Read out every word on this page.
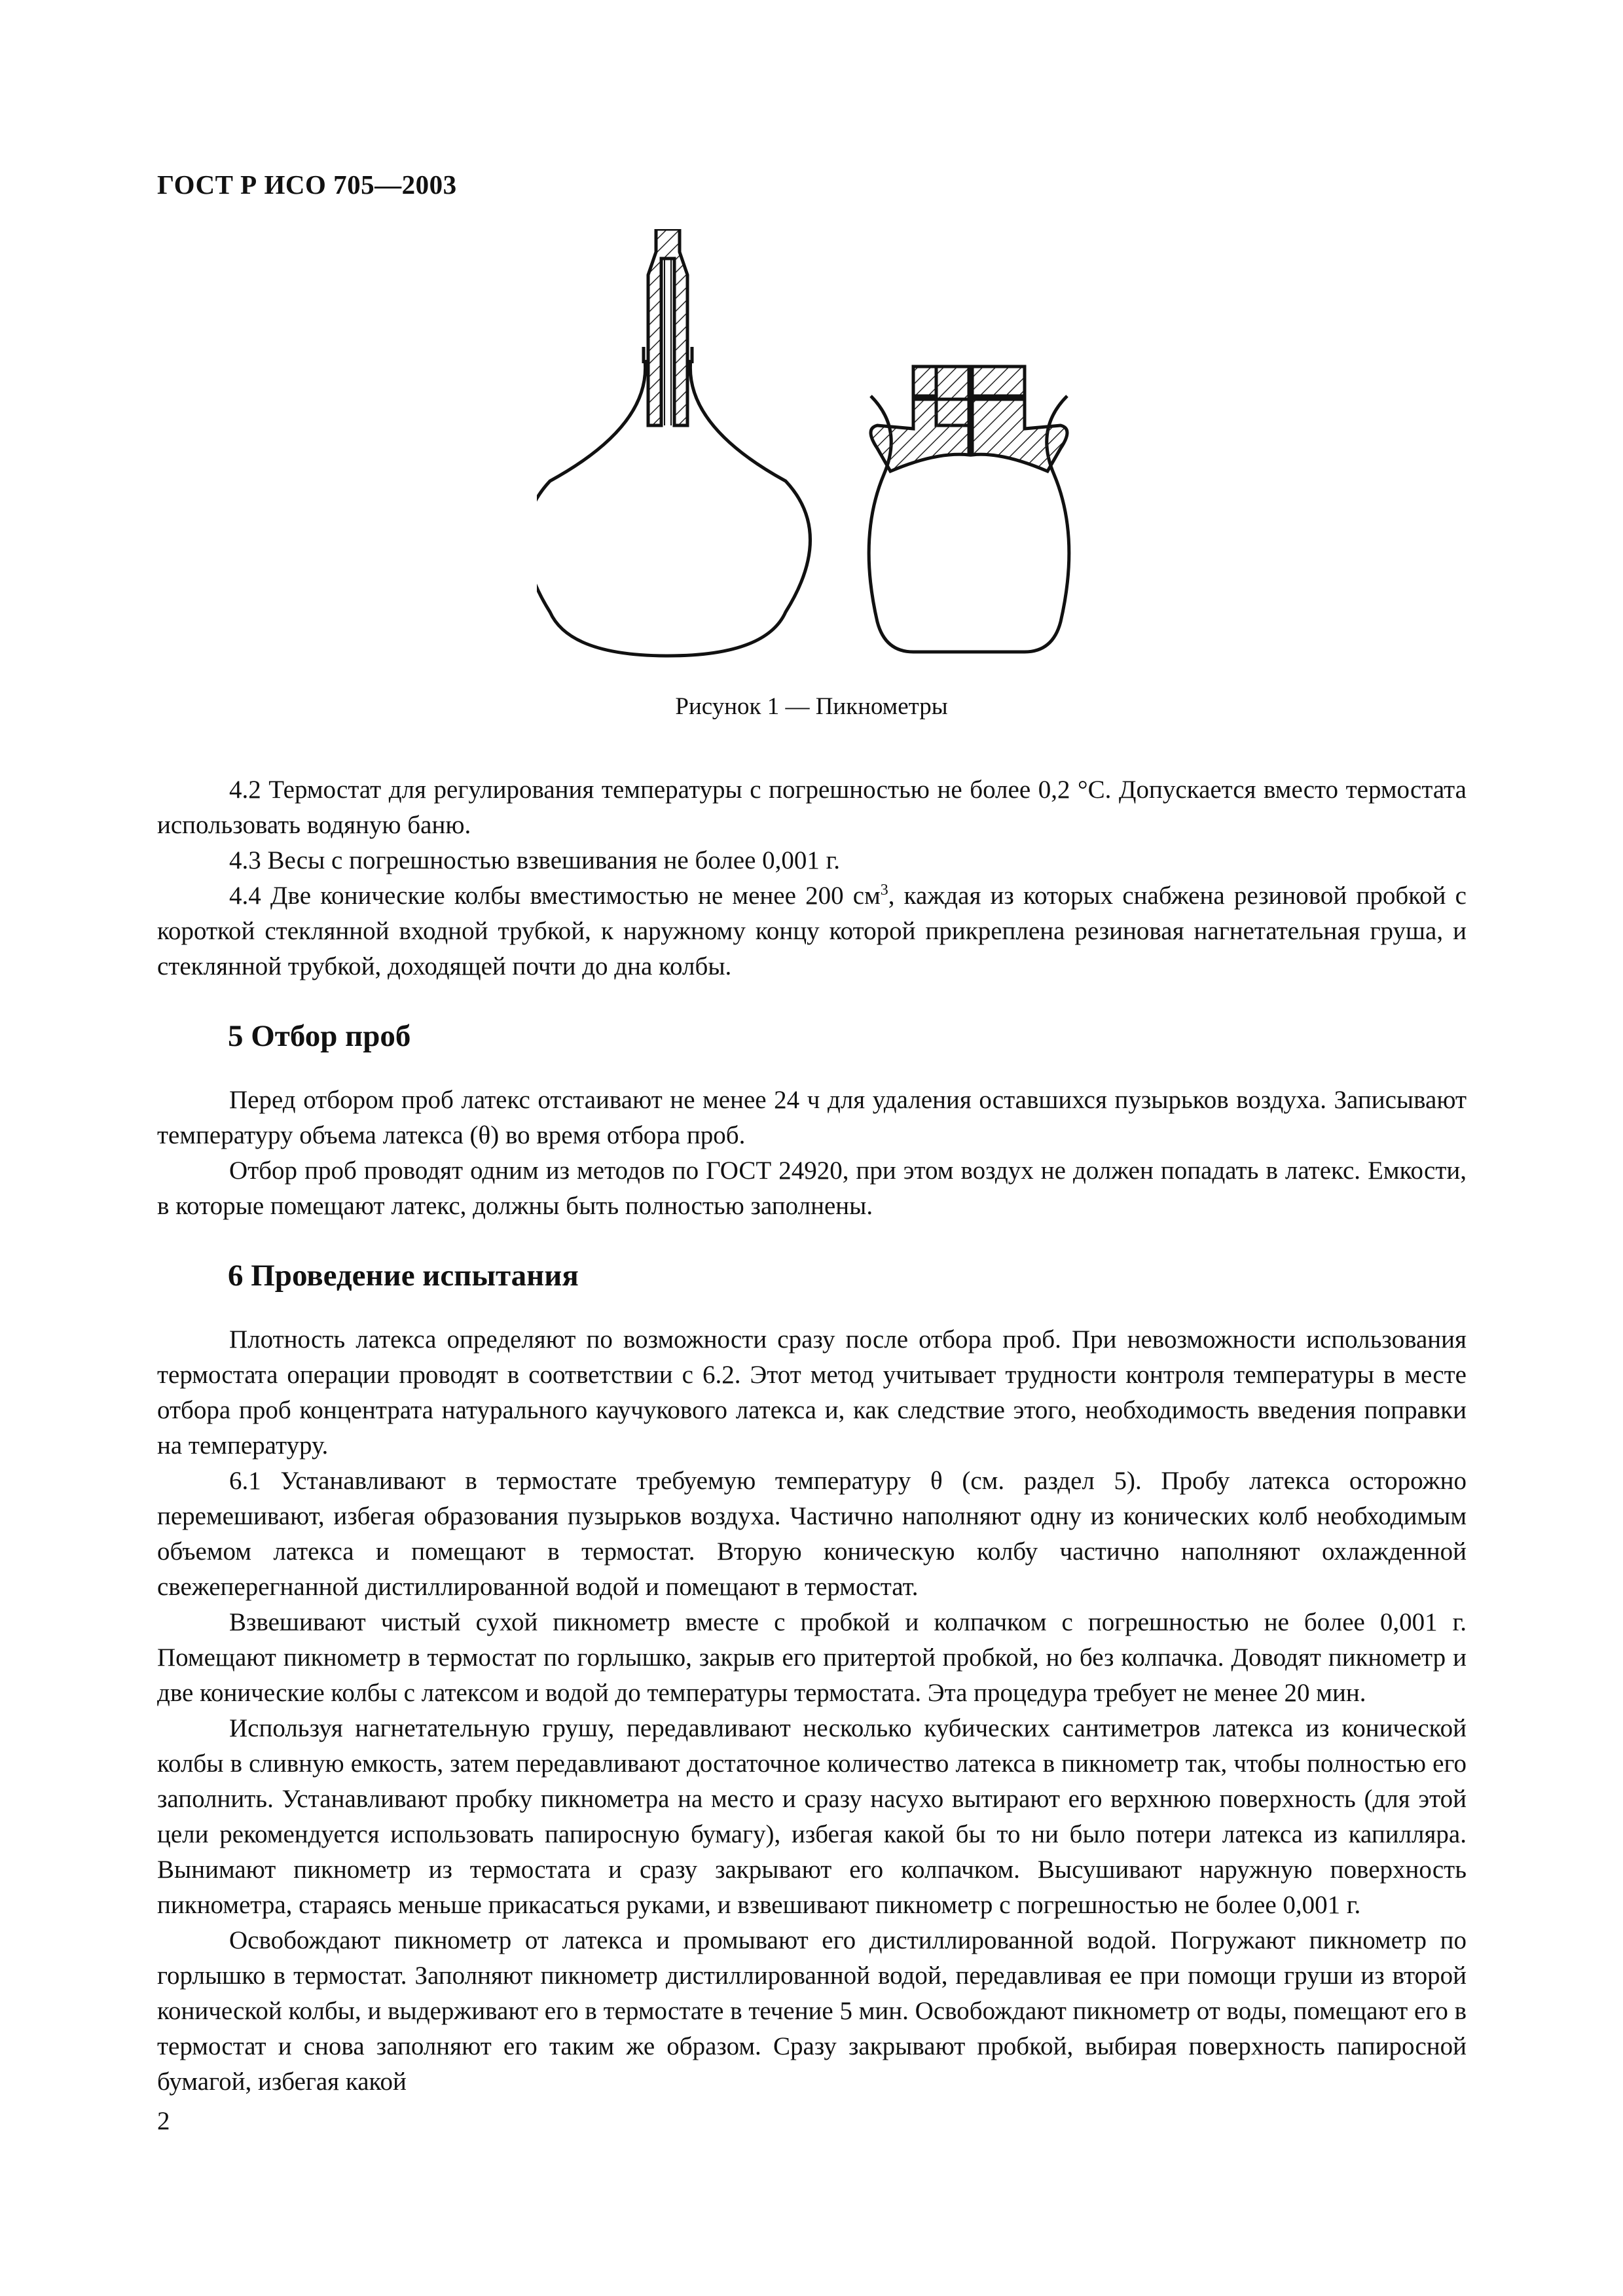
ГОСТ Р ИСО 705—2003
Рисунок 1 — Пикнометры

4.2 Термостат для регулирования температуры с погрешностью не более 0,2 °С. Допускается вместо термостата использовать водяную баню.

4.3 Весы с погрешностью взвешивания не более 0,001 г.

4.4 Две конические колбы вместимостью не менее 200 $см^3$, каждая из которых снабжена резиновой пробкой с короткой стеклянной входной трубкой, к наружному концу которой прикреплена резиновая нагнетательная груша, и стеклянной трубкой, доходящей почти до дна колбы.

5 Отбор проб

Перед отбором проб латекс отстаивают не менее 24 ч для удаления оставшихся пузырьков воздуха. Записывают температуру объема латекса (θ) во время отбора проб.

Отбор проб проводят одним из методов по ГОСТ 24920, при этом воздух не должен попадать в латекс. Емкости, в которые помещают латекс, должны быть полностью заполнены.

6 Проведение испытания

Плотность латекса определяют по возможности сразу после отбора проб. При невозможности использования термостата операции проводят в соответствии с 6.2. Этот метод учитывает трудности контроля температуры в месте отбора проб концентрата натурального каучукового латекса и, как следствие этого, необходимость введения поправки на температуру.

6.1 Устанавливают в термостате требуемую температуру θ (см. раздел 5). Пробу латекса осторожно перемешивают, избегая образования пузырьков воздуха. Частично наполняют одну из конических колб необходимым объемом латекса и помещают в термостат. Вторую коническую колбу частично наполняют охлажденной свежеперегнанной дистиллированной водой и помещают в термостат.

Взвешивают чистый сухой пикнометр вместе с пробкой и колпачком с погрешностью не более 0,001 г. Помещают пикнометр в термостат по горлышко, закрыв его притертой пробкой, но без колпачка. Доводят пикнометр и две конические колбы с латексом и водой до температуры термостата. Эта процедура требует не менее 20 мин.

Используя нагнетательную грушу, передавливают несколько кубических сантиметров латекса из конической колбы в сливную емкость, затем передавливают достаточное количество латекса в пикнометр так, чтобы полностью его заполнить. Устанавливают пробку пикнометра на место и сразу насухо вытирают его верхнюю поверхность (для этой цели рекомендуется использовать папиросную бумагу), избегая какой бы то ни было потери латекса из капилляра. Вынимают пикнометр из термостата и сразу закрывают его колпачком. Высушивают наружную поверхность пикнометра, стараясь меньше прикасаться руками, и взвешивают пикнометр с погрешностью не более 0,001 г.

Освобождают пикнометр от латекса и промывают его дистиллированной водой. Погружают пикнометр по горлышко в термостат. Заполняют пикнометр дистиллированной водой, передавливая ее при помощи груши из второй конической колбы, и выдерживают его в термостате в течение 5 мин. Освобождают пикнометр от воды, помещают его в термостат и снова заполняют его таким же образом. Сразу закрывают пробкой, выбирая поверхность папиросной бумагой, избегая какой

2
